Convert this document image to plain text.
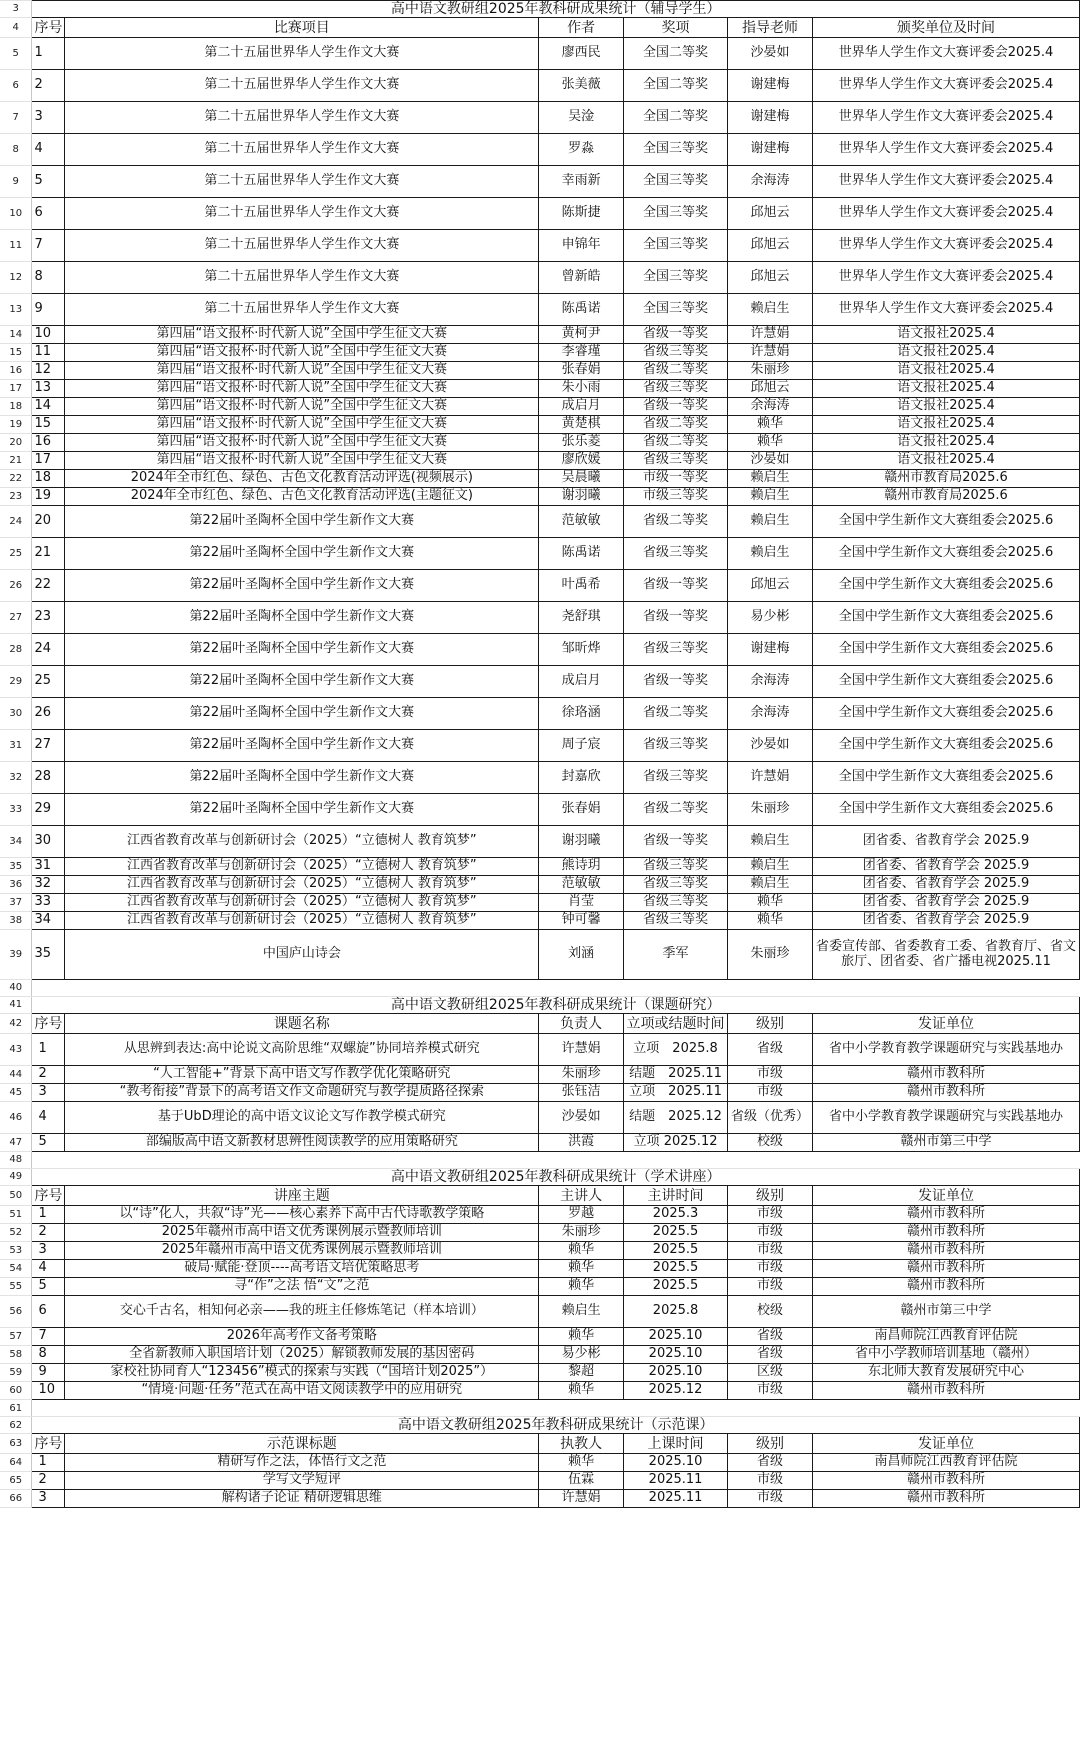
3	高中语文教研组2025年教科研成果统计（辅导学生）					
4	序号	比赛项目	作者	奖项	指导老师	颁奖单位及时间
5	1	第二十五届世界华人学生作文大赛	廖西民	全国二等奖	沙晏如	世界华人学生作文大赛评委会2025.4
6	2	第二十五届世界华人学生作文大赛	张美薇	全国二等奖	谢建梅	世界华人学生作文大赛评委会2025.4
7	3	第二十五届世界华人学生作文大赛	吴淦	全国二等奖	谢建梅	世界华人学生作文大赛评委会2025.4
8	4	第二十五届世界华人学生作文大赛	罗淼	全国三等奖	谢建梅	世界华人学生作文大赛评委会2025.4
9	5	第二十五届世界华人学生作文大赛	幸雨新	全国三等奖	余海涛	世界华人学生作文大赛评委会2025.4
10	6	第二十五届世界华人学生作文大赛	陈斯捷	全国三等奖	邱旭云	世界华人学生作文大赛评委会2025.4
11	7	第二十五届世界华人学生作文大赛	申锦年	全国三等奖	邱旭云	世界华人学生作文大赛评委会2025.4
12	8	第二十五届世界华人学生作文大赛	曾新皓	全国三等奖	邱旭云	世界华人学生作文大赛评委会2025.4
13	9	第二十五届世界华人学生作文大赛	陈禹诺	全国三等奖	赖启生	世界华人学生作文大赛评委会2025.4
14	10	第四届“语文报杯·时代新人说”全国中学生征文大赛	黄柯尹	省级一等奖	许慧娟	语文报社2025.4
15	11	第四届“语文报杯·时代新人说”全国中学生征文大赛	李睿瑾	省级三等奖	许慧娟	语文报社2025.4
16	12	第四届“语文报杯·时代新人说”全国中学生征文大赛	张春娟	省级二等奖	朱丽珍	语文报社2025.4
17	13	第四届“语文报杯·时代新人说”全国中学生征文大赛	朱小雨	省级三等奖	邱旭云	语文报社2025.4
18	14	第四届“语文报杯·时代新人说”全国中学生征文大赛	成启月	省级一等奖	余海涛	语文报社2025.4
19	15	第四届“语文报杯·时代新人说”全国中学生征文大赛	黄楚棋	省级二等奖	赖华	语文报社2025.4
20	16	第四届“语文报杯·时代新人说”全国中学生征文大赛	张乐菱	省级二等奖	赖华	语文报社2025.4
21	17	第四届“语文报杯·时代新人说”全国中学生征文大赛	廖欣媛	省级三等奖	沙晏如	语文报社2025.4
22	18	2024年全市红色、绿色、古色文化教育活动评选(视频展示)	吴晨曦	市级一等奖	赖启生	赣州市教育局2025.6
23	19	2024年全市红色、绿色、古色文化教育活动评选(主题征文)	谢羽曦	市级三等奖	赖启生	赣州市教育局2025.6
24	20	第22届叶圣陶杯全国中学生新作文大赛	范敏敏	省级二等奖	赖启生	全国中学生新作文大赛组委会2025.6
25	21	第22届叶圣陶杯全国中学生新作文大赛	陈禹诺	省级三等奖	赖启生	全国中学生新作文大赛组委会2025.6
26	22	第22届叶圣陶杯全国中学生新作文大赛	叶禹希	省级一等奖	邱旭云	全国中学生新作文大赛组委会2025.6
27	23	第22届叶圣陶杯全国中学生新作文大赛	尧舒琪	省级一等奖	易少彬	全国中学生新作文大赛组委会2025.6
28	24	第22届叶圣陶杯全国中学生新作文大赛	邹昕烨	省级三等奖	谢建梅	全国中学生新作文大赛组委会2025.6
29	25	第22届叶圣陶杯全国中学生新作文大赛	成启月	省级一等奖	余海涛	全国中学生新作文大赛组委会2025.6
30	26	第22届叶圣陶杯全国中学生新作文大赛	徐珞涵	省级二等奖	余海涛	全国中学生新作文大赛组委会2025.6
31	27	第22届叶圣陶杯全国中学生新作文大赛	周子宸	省级三等奖	沙晏如	全国中学生新作文大赛组委会2025.6
32	28	第22届叶圣陶杯全国中学生新作文大赛	封嘉欣	省级三等奖	许慧娟	全国中学生新作文大赛组委会2025.6
33	29	第22届叶圣陶杯全国中学生新作文大赛	张春娟	省级二等奖	朱丽珍	全国中学生新作文大赛组委会2025.6
34	30	江西省教育改革与创新研讨会（2025）“立德树人 教育筑梦”	谢羽曦	省级一等奖	赖启生	团省委、省教育学会 2025.9
35	31	江西省教育改革与创新研讨会（2025）“立德树人 教育筑梦”	熊诗玥	省级三等奖	赖启生	团省委、省教育学会 2025.9
36	32	江西省教育改革与创新研讨会（2025）“立德树人 教育筑梦”	范敏敏	省级三等奖	赖启生	团省委、省教育学会 2025.9
37	33	江西省教育改革与创新研讨会（2025）“立德树人 教育筑梦”	肖莹	省级三等奖	赖华	团省委、省教育学会 2025.9
38	34	江西省教育改革与创新研讨会（2025）“立德树人 教育筑梦”	钟可馨	省级三等奖	赖华	团省委、省教育学会 2025.9
39	35	中国庐山诗会	刘涵	季军	朱丽珍	省委宣传部、省委教育工委、省教育厅、省文旅厅、团省委、省广播电视2025.11
40						
41	高中语文教研组2025年教科研成果统计（课题研究）					
42	序号	课题名称	负责人	立项或结题时间	级别	发证单位
43	1	从思辨到表达:高中论说文高阶思维“双螺旋”协同培养模式研究	许慧娟	立项　2025.8	省级	省中小学教育教学课题研究与实践基地办
44	2	“人工智能+”背景下高中语文写作教学优化策略研究	朱丽珍	结题　2025.11	市级	赣州市教科所
45	3	“教考衔接”背景下的高考语文作文命题研究与教学提质路径探索	张钰洁	立项　2025.11	市级	赣州市教科所
46	4	基于UbD理论的高中语文议论文写作教学模式研究	沙晏如	结题　2025.12	省级（优秀）	省中小学教育教学课题研究与实践基地办
47	5	部编版高中语文新教材思辨性阅读教学的应用策略研究	洪霞	立项 2025.12	校级	赣州市第三中学
48						
49	高中语文教研组2025年教科研成果统计（学术讲座）					
50	序号	讲座主题	主讲人	主讲时间	级别	发证单位
51	1	以“诗”化人，共叙“诗”光——核心素养下高中古代诗歌教学策略	罗越	2025.3	市级	赣州市教科所
52	2	2025年赣州市高中语文优秀课例展示暨教师培训	朱丽珍	2025.5	市级	赣州市教科所
53	3	2025年赣州市高中语文优秀课例展示暨教师培训	赖华	2025.5	市级	赣州市教科所
54	4	破局·赋能·登顶----高考语文培优策略思考	赖华	2025.5	市级	赣州市教科所
55	5	寻“作”之法 悟“文”之范	赖华	2025.5	市级	赣州市教科所
56	6	交心千古名，相知何必亲——我的班主任修炼笔记（样本培训）	赖启生	2025.8	校级	赣州市第三中学
57	7	2026年高考作文备考策略	赖华	2025.10	省级	南昌师院江西教育评估院
58	8	全省新教师入职国培计划（2025）解锁教师发展的基因密码	易少彬	2025.10	省级	省中小学教师培训基地（赣州）
59	9	家校社协同育人“123456”模式的探索与实践（“国培计划2025”）	黎超	2025.10	区级	东北师大教育发展研究中心
60	10	“情境·问题·任务”范式在高中语文阅读教学中的应用研究	赖华	2025.12	市级	赣州市教科所
61						
62	高中语文教研组2025年教科研成果统计（示范课）					
63	序号	示范课标题	执教人	上课时间	级别	发证单位
64	1	精研写作之法，体悟行文之范	赖华	2025.10	省级	南昌师院江西教育评估院
65	2	学写文学短评	伍霖	2025.11	市级	赣州市教科所
66	3	解构诸子论证 精研逻辑思维	许慧娟	2025.11	市级	赣州市教科所
